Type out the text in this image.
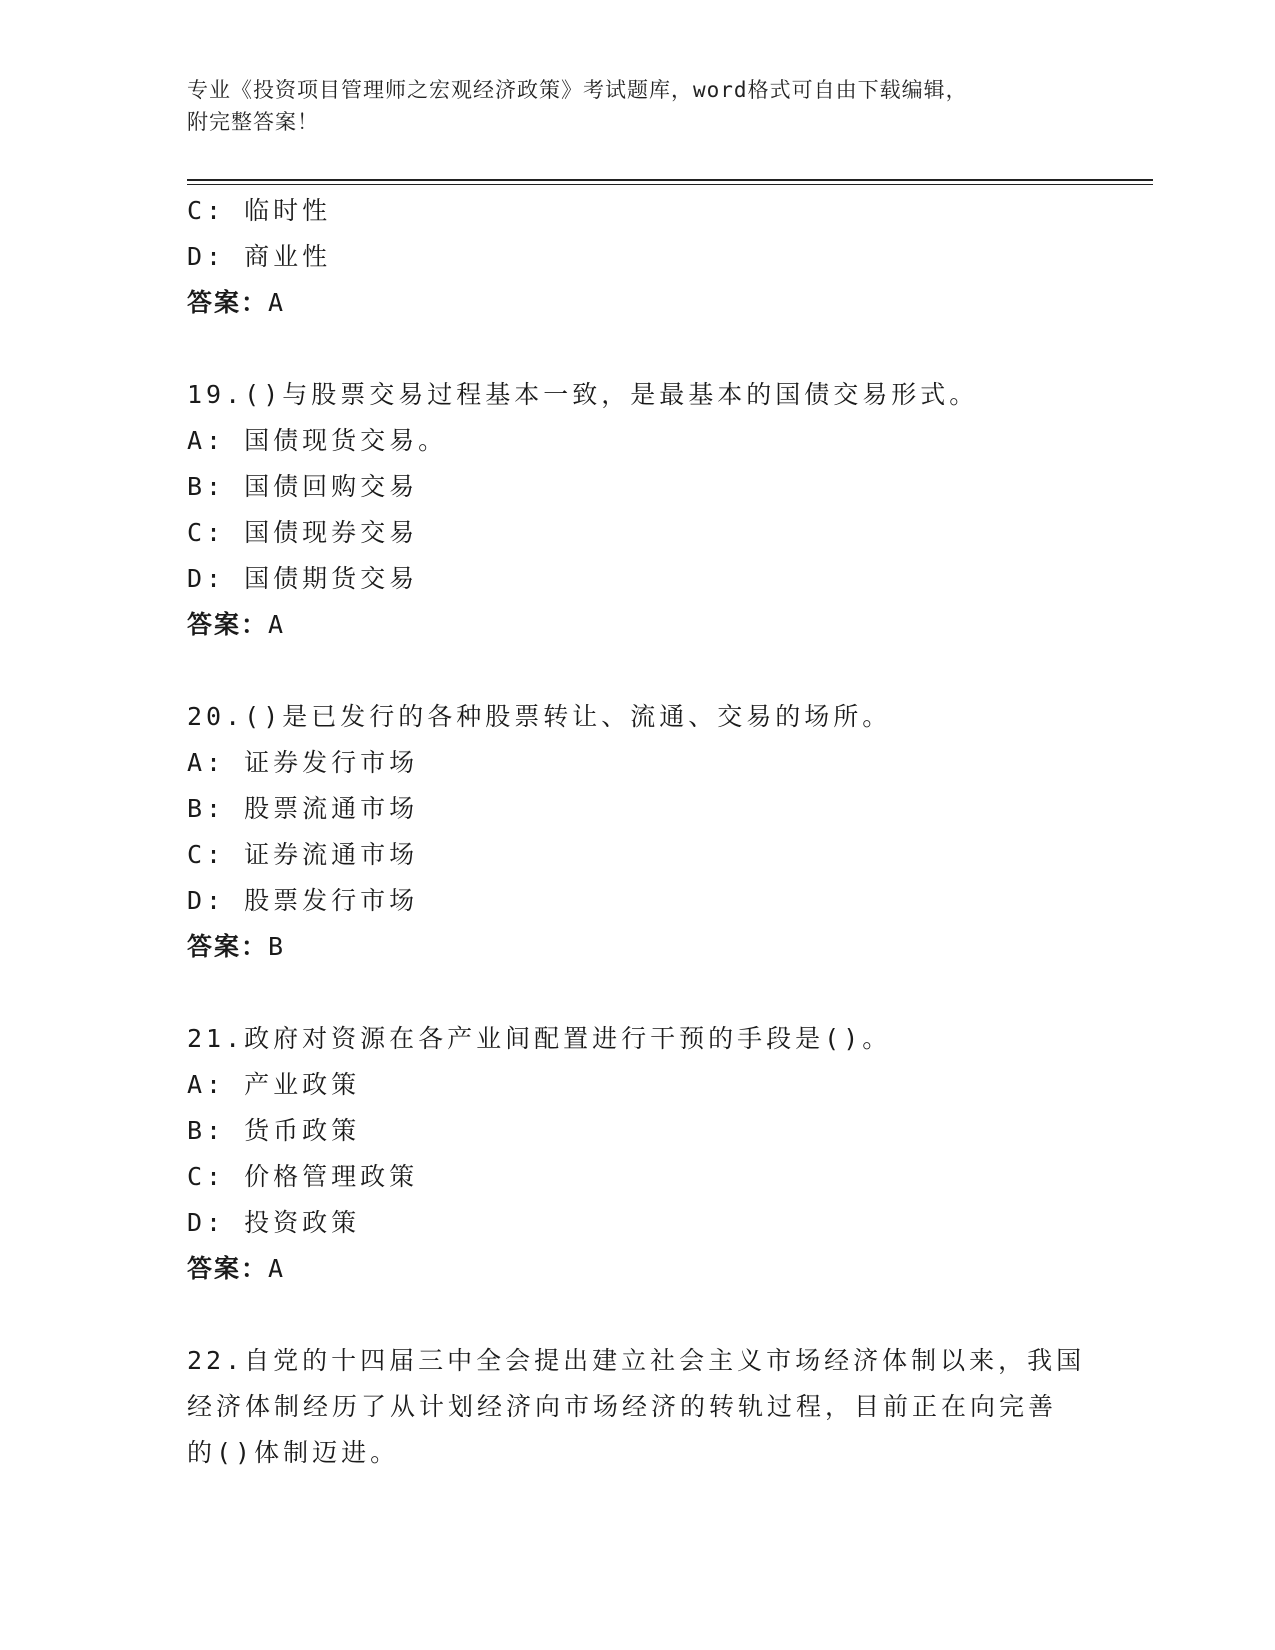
专业《投资项目管理师之宏观经济政策》考试题库，word格式可自由下载编辑，
附完整答案！
C: 临时性
D: 商业性
答案：A
19.()与股票交易过程基本一致，是最基本的国债交易形式。
A: 国债现货交易。
B: 国债回购交易
C: 国债现券交易
D: 国债期货交易
答案：A
20.()是已发行的各种股票转让、流通、交易的场所。
A: 证券发行市场
B: 股票流通市场
C: 证券流通市场
D: 股票发行市场
答案：B
21.政府对资源在各产业间配置进行干预的手段是()。
A: 产业政策
B: 货币政策
C: 价格管理政策
D: 投资政策
答案：A
22.自党的十四届三中全会提出建立社会主义市场经济体制以来，我国
经济体制经历了从计划经济向市场经济的转轨过程，目前正在向完善
的()体制迈进。
